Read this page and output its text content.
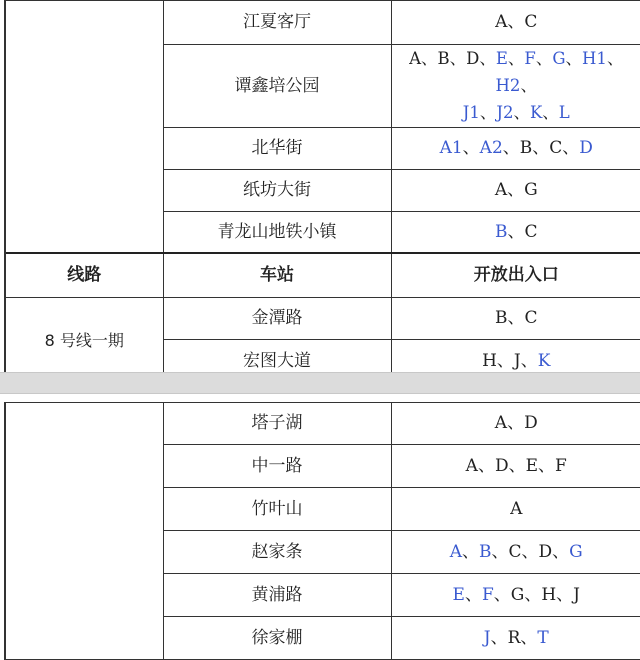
	江夏客厅	A、C
	谭鑫培公园	A、B、D、E、F、G、H1、H2、
J1、J2、K、L
	北华街	A1、A2、B、C、D
	纸坊大街	A、G
	青龙山地铁小镇	B、C
线路	车站	开放出入口
8 号线一期	金潭路	B、C
	宏图大道	H、J、K
	塔子湖	A、D
	中一路	A、D、E、F
	竹叶山	A
	赵家条	A、B、C、D、G
	黄浦路	E、F、G、H、J
	徐家棚	J、R、T
